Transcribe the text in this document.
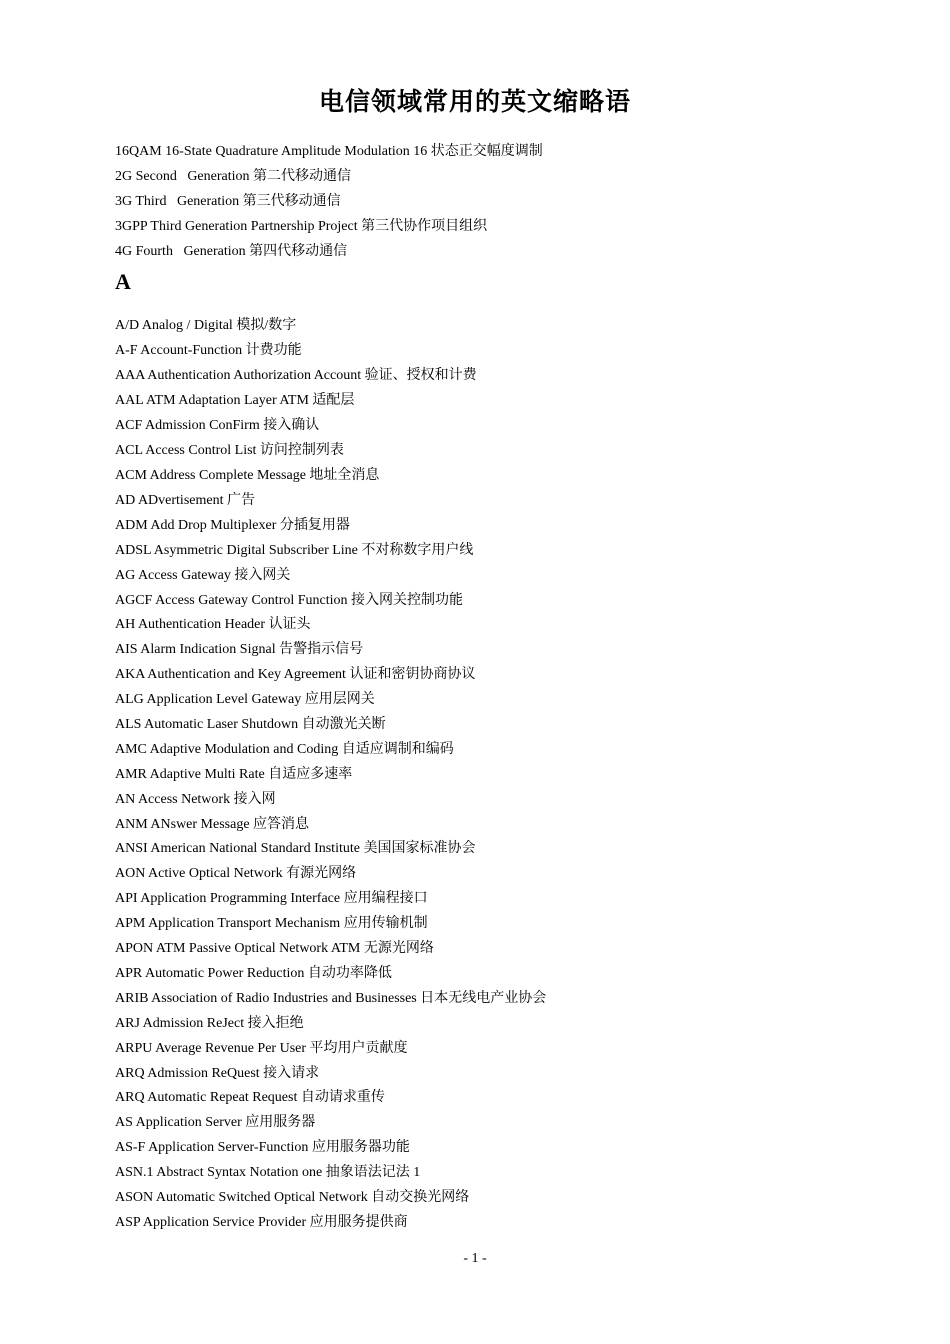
电信领域常用的英文缩略语
16QAM 16-State Quadrature Amplitude Modulation 16 状态正交幅度调制
2G Second   Generation 第二代移动通信
3G Third   Generation 第三代移动通信
3GPP Third Generation Partnership Project 第三代协作项目组织
4G Fourth   Generation 第四代移动通信
A
A/D Analog / Digital 模拟/数字
A-F Account-Function 计费功能
AAA Authentication Authorization Account 验证、授权和计费
AAL ATM Adaptation Layer ATM 适配层
ACF Admission ConFirm 接入确认
ACL Access Control List 访问控制列表
ACM Address Complete Message 地址全消息
AD ADvertisement 广告
ADM Add Drop Multiplexer 分插复用器
ADSL Asymmetric Digital Subscriber Line 不对称数字用户线
AG Access Gateway 接入网关
AGCF Access Gateway Control Function 接入网关控制功能
AH Authentication Header 认证头
AIS Alarm Indication Signal 告警指示信号
AKA Authentication and Key Agreement 认证和密钥协商协议
ALG Application Level Gateway 应用层网关
ALS Automatic Laser Shutdown 自动激光关断
AMC Adaptive Modulation and Coding 自适应调制和编码
AMR Adaptive Multi Rate 自适应多速率
AN Access Network 接入网
ANM ANswer Message 应答消息
ANSI American National Standard Institute 美国国家标准协会
AON Active Optical Network 有源光网络
API Application Programming Interface 应用编程接口
APM Application Transport Mechanism 应用传输机制
APON ATM Passive Optical Network ATM 无源光网络
APR Automatic Power Reduction 自动功率降低
ARIB Association of Radio Industries and Businesses 日本无线电产业协会
ARJ Admission ReJect 接入拒绝
ARPU Average Revenue Per User 平均用户贡献度
ARQ Admission ReQuest 接入请求
ARQ Automatic Repeat Request 自动请求重传
AS Application Server 应用服务器
AS-F Application Server-Function 应用服务器功能
ASN.1 Abstract Syntax Notation one 抽象语法记法 1
ASON Automatic Switched Optical Network 自动交换光网络
ASP Application Service Provider 应用服务提供商
- 1 -
